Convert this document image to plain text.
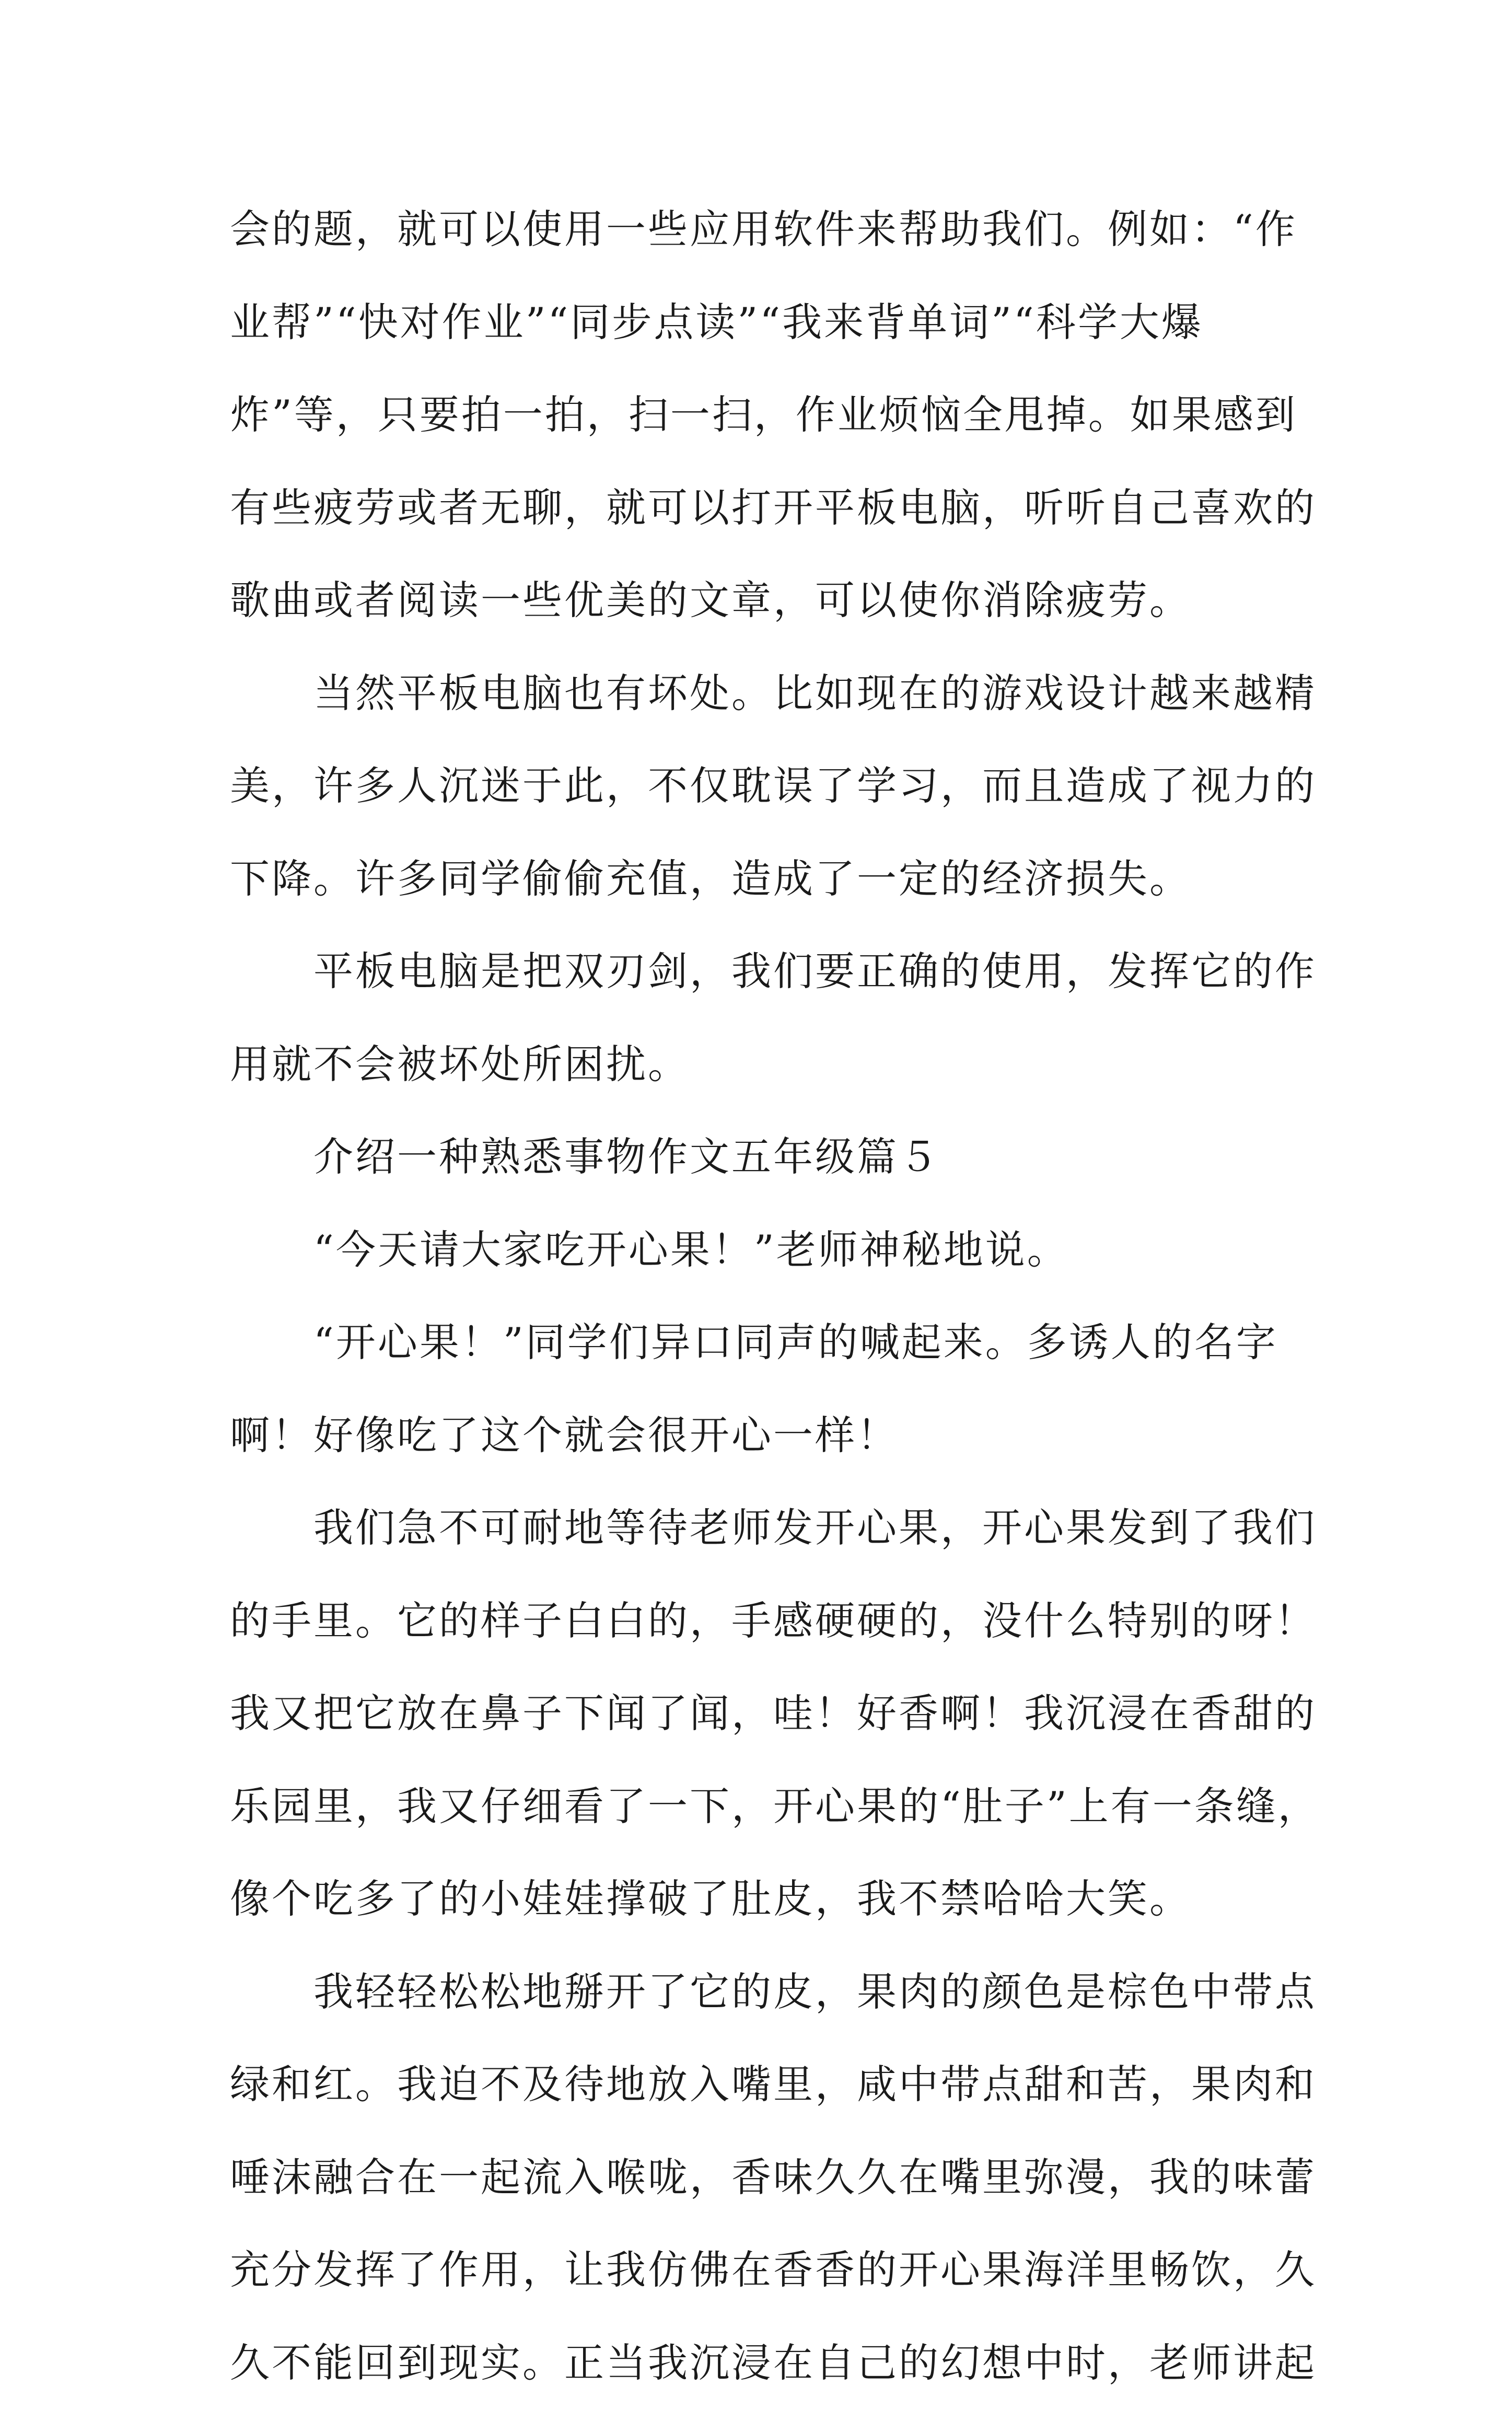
会的题，就可以使用一些应用软件来帮助我们。例如：“作
业帮”“快对作业”“同步点读”“我来背单词”“科学大爆
炸”等，只要拍一拍，扫一扫，作业烦恼全甩掉。如果感到
有些疲劳或者无聊，就可以打开平板电脑，听听自己喜欢的
歌曲或者阅读一些优美的文章，可以使你消除疲劳。
当然平板电脑也有坏处。比如现在的游戏设计越来越精
美，许多人沉迷于此，不仅耽误了学习，而且造成了视力的
下降。许多同学偷偷充值，造成了一定的经济损失。
平板电脑是把双刃剑，我们要正确的使用，发挥它的作
用就不会被坏处所困扰。
介绍一种熟悉事物作文五年级篇５
“今天请大家吃开心果！”老师神秘地说。
“开心果！”同学们异口同声的喊起来。多诱人的名字
啊！好像吃了这个就会很开心一样！
我们急不可耐地等待老师发开心果，开心果发到了我们
的手里。它的样子白白的，手感硬硬的，没什么特别的呀！
我又把它放在鼻子下闻了闻，哇！好香啊！我沉浸在香甜的
乐园里，我又仔细看了一下，开心果的“肚子”上有一条缝，
像个吃多了的小娃娃撑破了肚皮，我不禁哈哈大笑。
我轻轻松松地掰开了它的皮，果肉的颜色是棕色中带点
绿和红。我迫不及待地放入嘴里，咸中带点甜和苦，果肉和
唾沫融合在一起流入喉咙，香味久久在嘴里弥漫，我的味蕾
充分发挥了作用，让我仿佛在香香的开心果海洋里畅饮，久
久不能回到现实。正当我沉浸在自己的幻想中时，老师讲起
